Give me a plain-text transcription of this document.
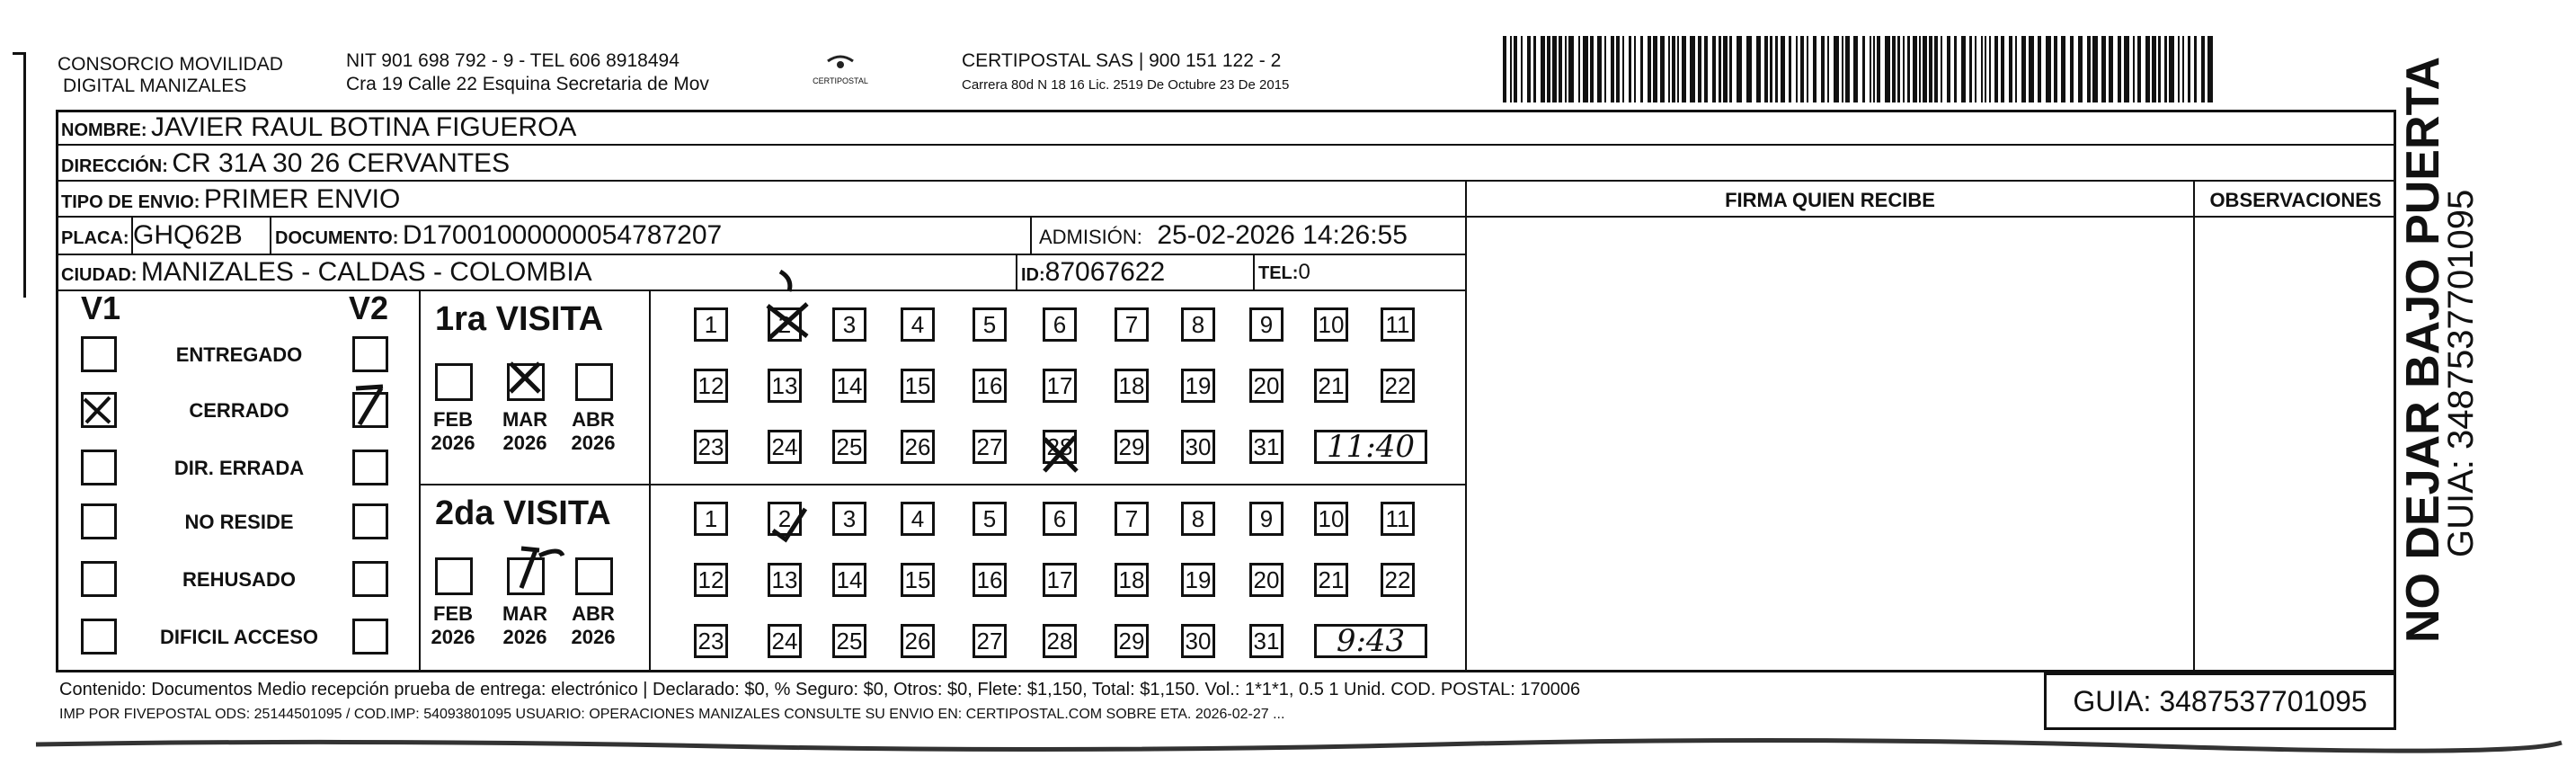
CONSORCIO MOVILIDAD
DIGITAL MANIZALES
NIT 901 698 792 - 9 - TEL 606 8918494
Cra 19 Calle 22 Esquina Secretaria de Mov	CERTIPOSTAL
CERTIPOSTAL SAS | 900 151 122 - 2
Carrera 80d N 18 16 Lic. 2519 De Octubre 23 De 2015
NOMBRE: JAVIER RAUL BOTINA FIGUEROA
DIRECCIÓN: CR 31A 30 26 CERVANTES
TIPO DE ENVIO: PRIMER ENVIO	FIRMA QUIEN RECIBE	OBSERVACIONES
PLACA: GHQ62B DOCUMENTO: D17001000000054787207	ADMISIÓN: 25-02-2026 14:26:55
CIUDAD: MANIZALES - CALDAS - COLOMBIA	ID:87067622	TEL:0
V1	V2
ENTREGADO
CERRADO
DIR. ERRADA
NO RESIDE
REHUSADO
DIFICIL ACCESO
1ra VISITA
FEB
2026
MAR
2026
ABR
2026
1	2	3	4	5	6	7	8	9	10 11
12 13 14 15 16 17 18 19 20 21 22
23 24 25 26 27 28 29 30 31	11:40
2da VISITA
FEB
2026
MAR
2026
ABR
2026
1	2	3	4	5	6	7	8	9	10 11
12 13 14 15 16 17 18 19 20 21 22
23 24 25 26 27 28 29 30 31	9:43
Contenido: Documentos Medio recepción prueba de entrega: electrónico | Declarado: $0, % Seguro: $0, Otros: $0, Flete: $1,150, Total: $1,150. Vol.: 1*1*1, 0.5 1 Unid. COD. POSTAL: 170006
IMP POR FIVEPOSTAL ODS: 25144501095 / COD.IMP: 54093801095 USUARIO: OPERACIONES MANIZALES CONSULTE SU ENVIO EN: CERTIPOSTAL.COM SOBRE ETA. 2026-02-27 ...	GUIA: 3487537701095
NO DEJAR BAJO PUERTA
GUIA: 3487537701095
